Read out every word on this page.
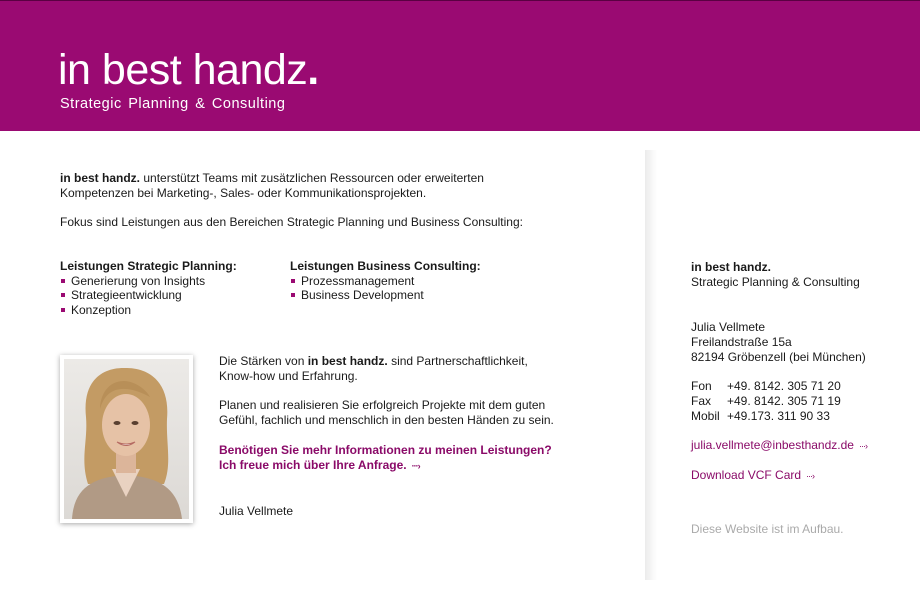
in best handz.
Strategic Planning & Consulting

in best handz. unterstützt Teams mit zusätzlichen Ressourcen oder erweiterten

Kompetenzen bei Marketing-, Sales- oder Kommunikationsprojekten.

Fokus sind Leistungen aus den Bereichen Strategic Planning und Business Consulting:

Leistungen Strategic Planning:
Generierung von Insights
Strategieentwicklung
Konzeption
Leistungen Business Consulting:
Prozessmanagement
Business Development

Die Stärken von in best handz. sind Partnerschaftlichkeit,

Know-how und Erfahrung.

Planen und realisieren Sie erfolgreich Projekte mit dem guten

Gefühl, fachlich und menschlich in den besten Händen zu sein.

Benötigen Sie mehr Informationen zu meinen Leistungen?
Ich freue mich über Ihre Anfrage. ···›

Julia Vellmete

in best handz.
Strategic Planning & Consulting
Julia Vellmete
Freilandstraße 15a
82194 Gröbenzell (bei München)
Fon +49. 8142. 305 71 20
Fax +49. 8142. 305 71 19
Mobil +49.173. 311 90 33
julia.vellmete@inbesthandz.de ···›
Download VCF Card ···›
Diese Website ist im Aufbau.
